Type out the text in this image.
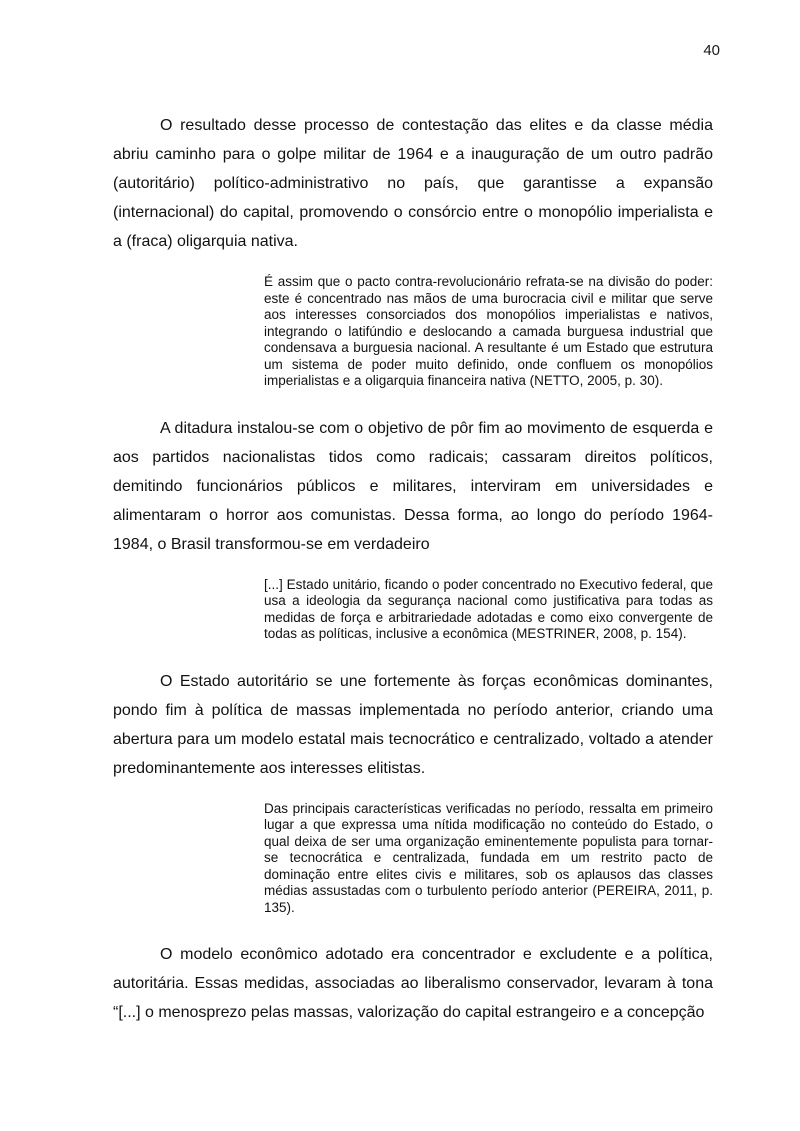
40

O resultado desse processo de contestação das elites e da classe média abriu caminho para o golpe militar de 1964 e a inauguração de um outro padrão (autoritário) político-administrativo no país, que garantisse a expansão (internacional) do capital, promovendo o consórcio entre o monopólio imperialista e a (fraca) oligarquia nativa.

É assim que o pacto contra-revolucionário refrata-se na divisão do poder: este é concentrado nas mãos de uma burocracia civil e militar que serve aos interesses consorciados dos monopólios imperialistas e nativos, integrando o latifúndio e deslocando a camada burguesa industrial que condensava a burguesia nacional. A resultante é um Estado que estrutura um sistema de poder muito definido, onde confluem os monopólios imperialistas e a oligarquia financeira nativa (NETTO, 2005, p. 30).

A ditadura instalou-se com o objetivo de pôr fim ao movimento de esquerda e aos partidos nacionalistas tidos como radicais; cassaram direitos políticos, demitindo funcionários públicos e militares, interviram em universidades e alimentaram o horror aos comunistas. Dessa forma, ao longo do período 1964-1984, o Brasil transformou-se em verdadeiro

[...] Estado unitário, ficando o poder concentrado no Executivo federal, que usa a ideologia da segurança nacional como justificativa para todas as medidas de força e arbitrariedade adotadas e como eixo convergente de todas as políticas, inclusive a econômica (MESTRINER, 2008, p. 154).

O Estado autoritário se une fortemente às forças econômicas dominantes, pondo fim à política de massas implementada no período anterior, criando uma abertura para um modelo estatal mais tecnocrático e centralizado, voltado a atender predominantemente aos interesses elitistas.

Das principais características verificadas no período, ressalta em primeiro lugar a que expressa uma nítida modificação no conteúdo do Estado, o qual deixa de ser uma organização eminentemente populista para tornar-se tecnocrática e centralizada, fundada em um restrito pacto de dominação entre elites civis e militares, sob os aplausos das classes médias assustadas com o turbulento período anterior (PEREIRA, 2011, p. 135).

O modelo econômico adotado era concentrador e excludente e a política, autoritária. Essas medidas, associadas ao liberalismo conservador, levaram à tona “[...] o menosprezo pelas massas, valorização do capital estrangeiro e a concepção
